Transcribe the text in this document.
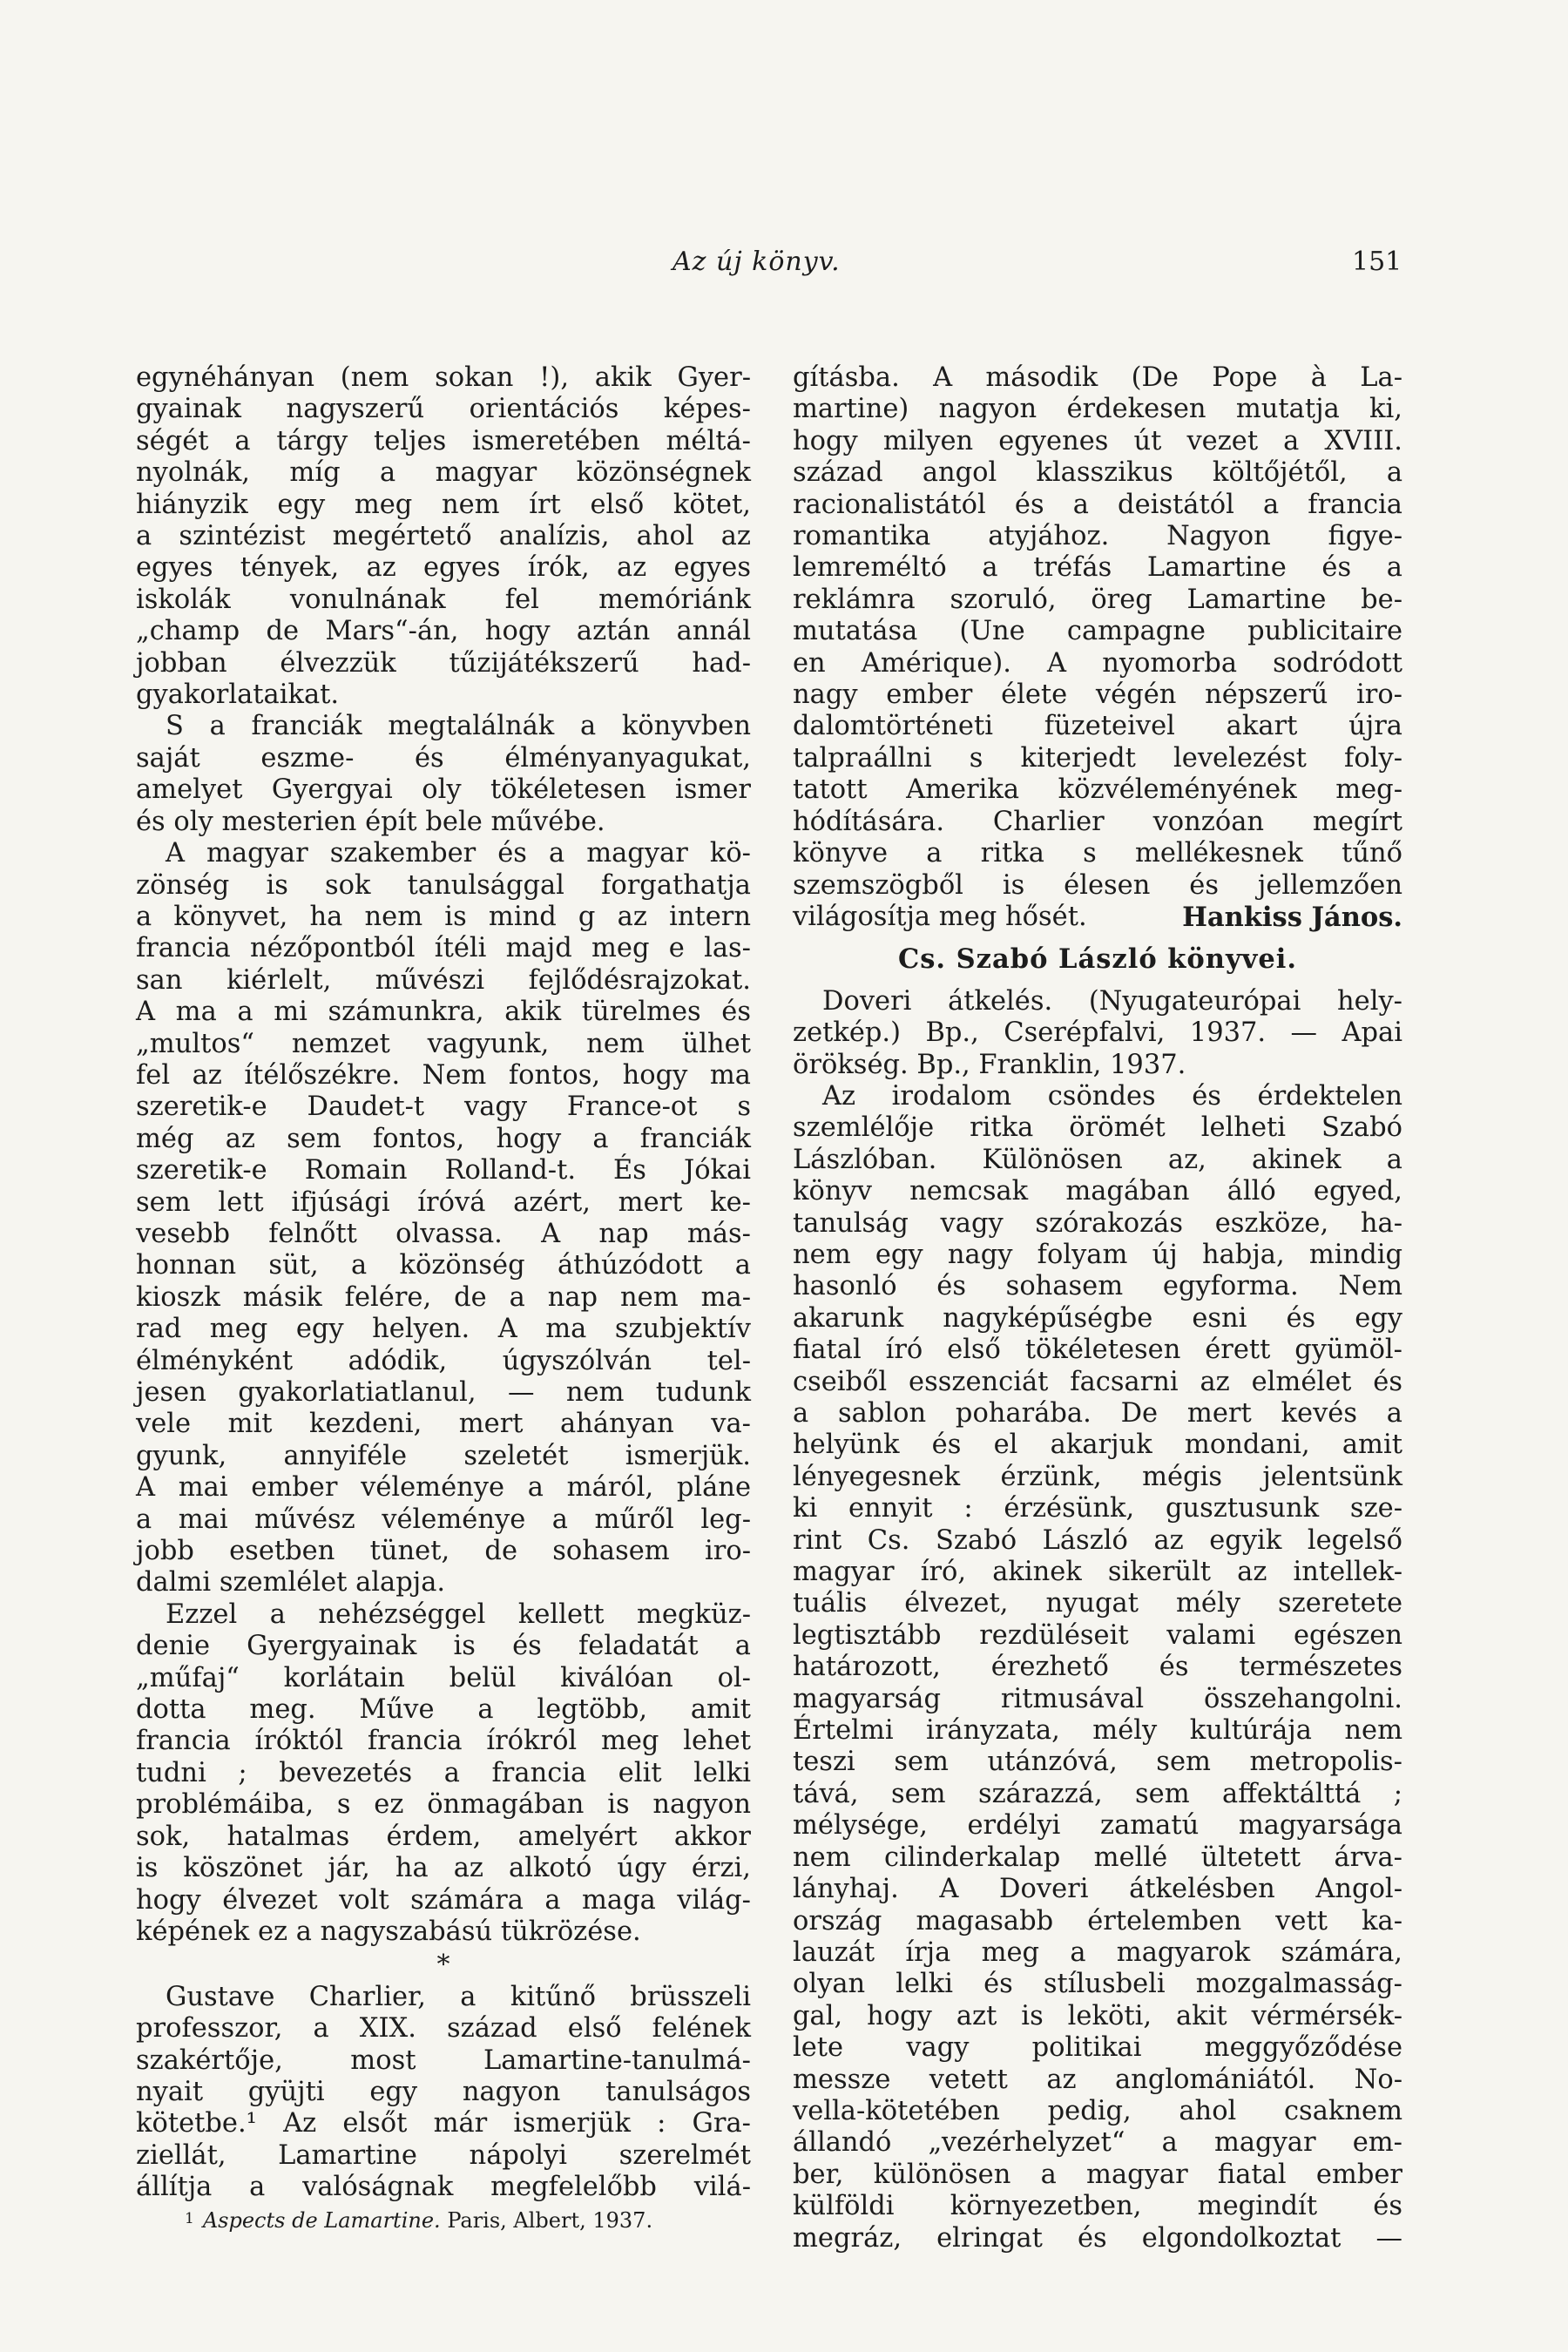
Az új könyv.	151
egynéhányan (nem sokan !), akik Gyer-
gyainak nagyszerű orientációs képes-
ségét a tárgy teljes ismeretében méltá-
nyolnák, míg a magyar közönségnek
hiányzik egy meg nem írt első kötet,
a szintézist megértető analízis, ahol az
egyes tények, az egyes írók, az egyes
iskolák vonulnának fel memóriánk
„champ de Mars“-án, hogy aztán annál
jobban élvezzük tűzijátékszerű had-
gyakorlataikat.
S a franciák megtalálnák a könyvben
saját eszme- és élményanyagukat,
amelyet Gyergyai oly tökéletesen ismer
és oly mesterien épít bele művébe.
A magyar szakember és a magyar kö-
zönség is sok tanulsággal forgathatja
a könyvet, ha nem is mind g az intern
francia nézőpontból ítéli majd meg e las-
san kiérlelt, művészi fejlődésrajzokat.
A ma a mi számunkra, akik türelmes és
„multos“ nemzet vagyunk, nem ülhet
fel az ítélőszékre. Nem fontos, hogy ma
szeretik-e Daudet-t vagy France-ot s
még az sem fontos, hogy a franciák
szeretik-e Romain Rolland-t. És Jókai
sem lett ifjúsági íróvá azért, mert ke-
vesebb felnőtt olvassa. A nap más-
honnan süt, a közönség áthúzódott a
kioszk másik felére, de a nap nem ma-
rad meg egy helyen. A ma szubjektív
élményként adódik, úgyszólván tel-
jesen gyakorlatiatlanul, — nem tudunk
vele mit kezdeni, mert ahányan va-
gyunk, annyiféle szeletét ismerjük.
A mai ember véleménye a máról, pláne
a mai művész véleménye a műről leg-
jobb esetben tünet, de sohasem iro-
dalmi szemlélet alapja.
Ezzel a nehézséggel kellett megküz-
denie Gyergyainak is és feladatát a
„műfaj“ korlátain belül kiválóan ol-
dotta meg. Műve a legtöbb, amit
francia íróktól francia írókról meg lehet
tudni ; bevezetés a francia elit lelki
problémáiba, s ez önmagában is nagyon
sok, hatalmas érdem, amelyért akkor
is köszönet jár, ha az alkotó úgy érzi,
hogy élvezet volt számára a maga világ-
képének ez a nagyszabású tükrözése.
*
Gustave Charlier, a kitűnő brüsszeli
professzor, a XIX. század első felének
szakértője, most Lamartine-tanulmá-
nyait gyüjti egy nagyon tanulságos
kötetbe.¹ Az elsőt már ismerjük : Gra-
ziellát, Lamartine nápolyi szerelmét
állítja a valóságnak megfelelőbb vilá-
$^1$ Aspects de Lamartine. Paris, Albert, 1937.
gításba. A második (De Pope à La-
martine) nagyon érdekesen mutatja ki,
hogy milyen egyenes út vezet a XVIII.
század angol klasszikus költőjétől, a
racionalistától és a deistától a francia
romantika atyjához. Nagyon figye-
lemreméltó a tréfás Lamartine és a
reklámra szoruló, öreg Lamartine be-
mutatása (Une campagne publicitaire
en Amérique). A nyomorba sodródott
nagy ember élete végén népszerű iro-
dalomtörténeti füzeteivel akart újra
talpraállni s kiterjedt levelezést foly-
tatott Amerika közvéleményének meg-
hódítására. Charlier vonzóan megírt
könyve a ritka s mellékesnek tűnő
szemszögből is élesen és jellemzően
világosítja meg hősét.	Hankiss János.
Cs. Szabó László könyvei.
Doveri átkelés. (Nyugateurópai hely-
zetkép.) Bp., Cserépfalvi, 1937. — Apai
örökség. Bp., Franklin, 1937.
Az irodalom csöndes és érdektelen
szemlélője ritka örömét lelheti Szabó
Lászlóban. Különösen az, akinek a
könyv nemcsak magában álló egyed,
tanulság vagy szórakozás eszköze, ha-
nem egy nagy folyam új habja, mindig
hasonló és sohasem egyforma. Nem
akarunk nagyképűségbe esni és egy
fiatal író első tökéletesen érett gyümöl-
cseiből esszenciát facsarni az elmélet és
a sablon poharába. De mert kevés a
helyünk és el akarjuk mondani, amit
lényegesnek érzünk, mégis jelentsünk
ki ennyit : érzésünk, gusztusunk sze-
rint Cs. Szabó László az egyik legelső
magyar író, akinek sikerült az intellek-
tuális élvezet, nyugat mély szeretete
legtisztább rezdüléseit valami egészen
határozott, érezhető és természetes
magyarság ritmusával összehangolni.
Értelmi irányzata, mély kultúrája nem
teszi sem utánzóvá, sem metropolis-
tává, sem szárazzá, sem affektálttá ;
mélysége, erdélyi zamatú magyarsága
nem cilinderkalap mellé ültetett árva-
lányhaj. A Doveri átkelésben Angol-
ország magasabb értelemben vett ka-
lauzát írja meg a magyarok számára,
olyan lelki és stílusbeli mozgalmasság-
gal, hogy azt is leköti, akit vérmérsék-
lete vagy politikai meggyőződése
messze vetett az anglomániától. No-
vella-kötetében pedig, ahol csaknem
állandó „vezérhelyzet“ a magyar em-
ber, különösen a magyar fiatal ember
külföldi környezetben, megindít és
megráz, elringat és elgondolkoztat —
